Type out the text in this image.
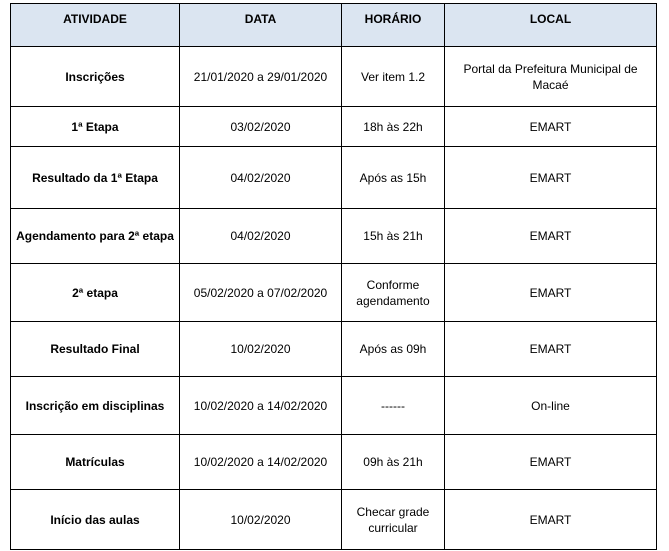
ATIVIDADE	DATA	HORÁRIO	LOCAL
Inscrições	21/01/2020 a 29/01/2020	Ver item 1.2	Portal da Prefeitura Municipal de Macaé
1ª Etapa	03/02/2020	18h às 22h	EMART
Resultado da 1ª Etapa	04/02/2020	Após as 15h	EMART
Agendamento para 2ª etapa	04/02/2020	15h às 21h	EMART
2ª etapa	05/02/2020 a 07/02/2020	Conforme agendamento	EMART
Resultado Final	10/02/2020	Após as 09h	EMART
Inscrição em disciplinas	10/02/2020 a 14/02/2020	------	On-line
Matrículas	10/02/2020 a 14/02/2020	09h às 21h	EMART
Início das aulas	10/02/2020	Checar grade curricular	EMART
